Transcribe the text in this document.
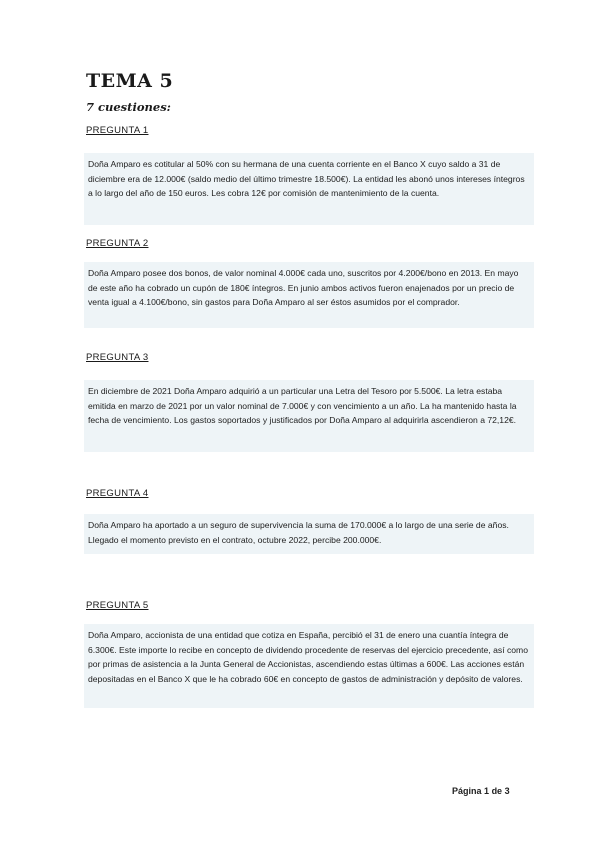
TEMA 5
7 cuestiones:
PREGUNTA 1
Doña Amparo es cotitular al 50% con su hermana de una cuenta corriente en el Banco X cuyo saldo a 31 de diciembre era de 12.000€ (saldo medio del último trimestre 18.500€). La entidad les abonó unos intereses íntegros a lo largo del año de 150 euros. Les cobra 12€ por comisión de mantenimiento de la cuenta.
PREGUNTA 2
Doña Amparo posee dos bonos, de valor nominal 4.000€ cada uno, suscritos por 4.200€/bono en 2013. En mayo de este año ha cobrado un cupón de 180€ íntegros. En junio ambos activos fueron enajenados por un precio de venta igual a 4.100€/bono, sin gastos para Doña Amparo al ser éstos asumidos por el comprador.
PREGUNTA 3
En diciembre de 2021 Doña Amparo adquirió a un particular una Letra del Tesoro por 5.500€. La letra estaba emitida en marzo de 2021 por un valor nominal de 7.000€ y con vencimiento a un año. La ha mantenido hasta la fecha de vencimiento. Los gastos soportados y justificados por Doña Amparo al adquirirla ascendieron a 72,12€.
PREGUNTA 4
Doña Amparo ha aportado a un seguro de supervivencia la suma de 170.000€ a lo largo de una serie de años. Llegado el momento previsto en el contrato, octubre 2022, percibe 200.000€.
PREGUNTA 5
Doña Amparo, accionista de una entidad que cotiza en España, percibió el 31 de enero una cuantía íntegra de 6.300€. Este importe lo recibe en concepto de dividendo procedente de reservas del ejercicio precedente, así como por primas de asistencia a la Junta General de Accionistas, ascendiendo estas últimas a 600€. Las acciones están depositadas en el Banco X que le ha cobrado 60€ en concepto de gastos de administración y depósito de valores.
Página 1 de 3
